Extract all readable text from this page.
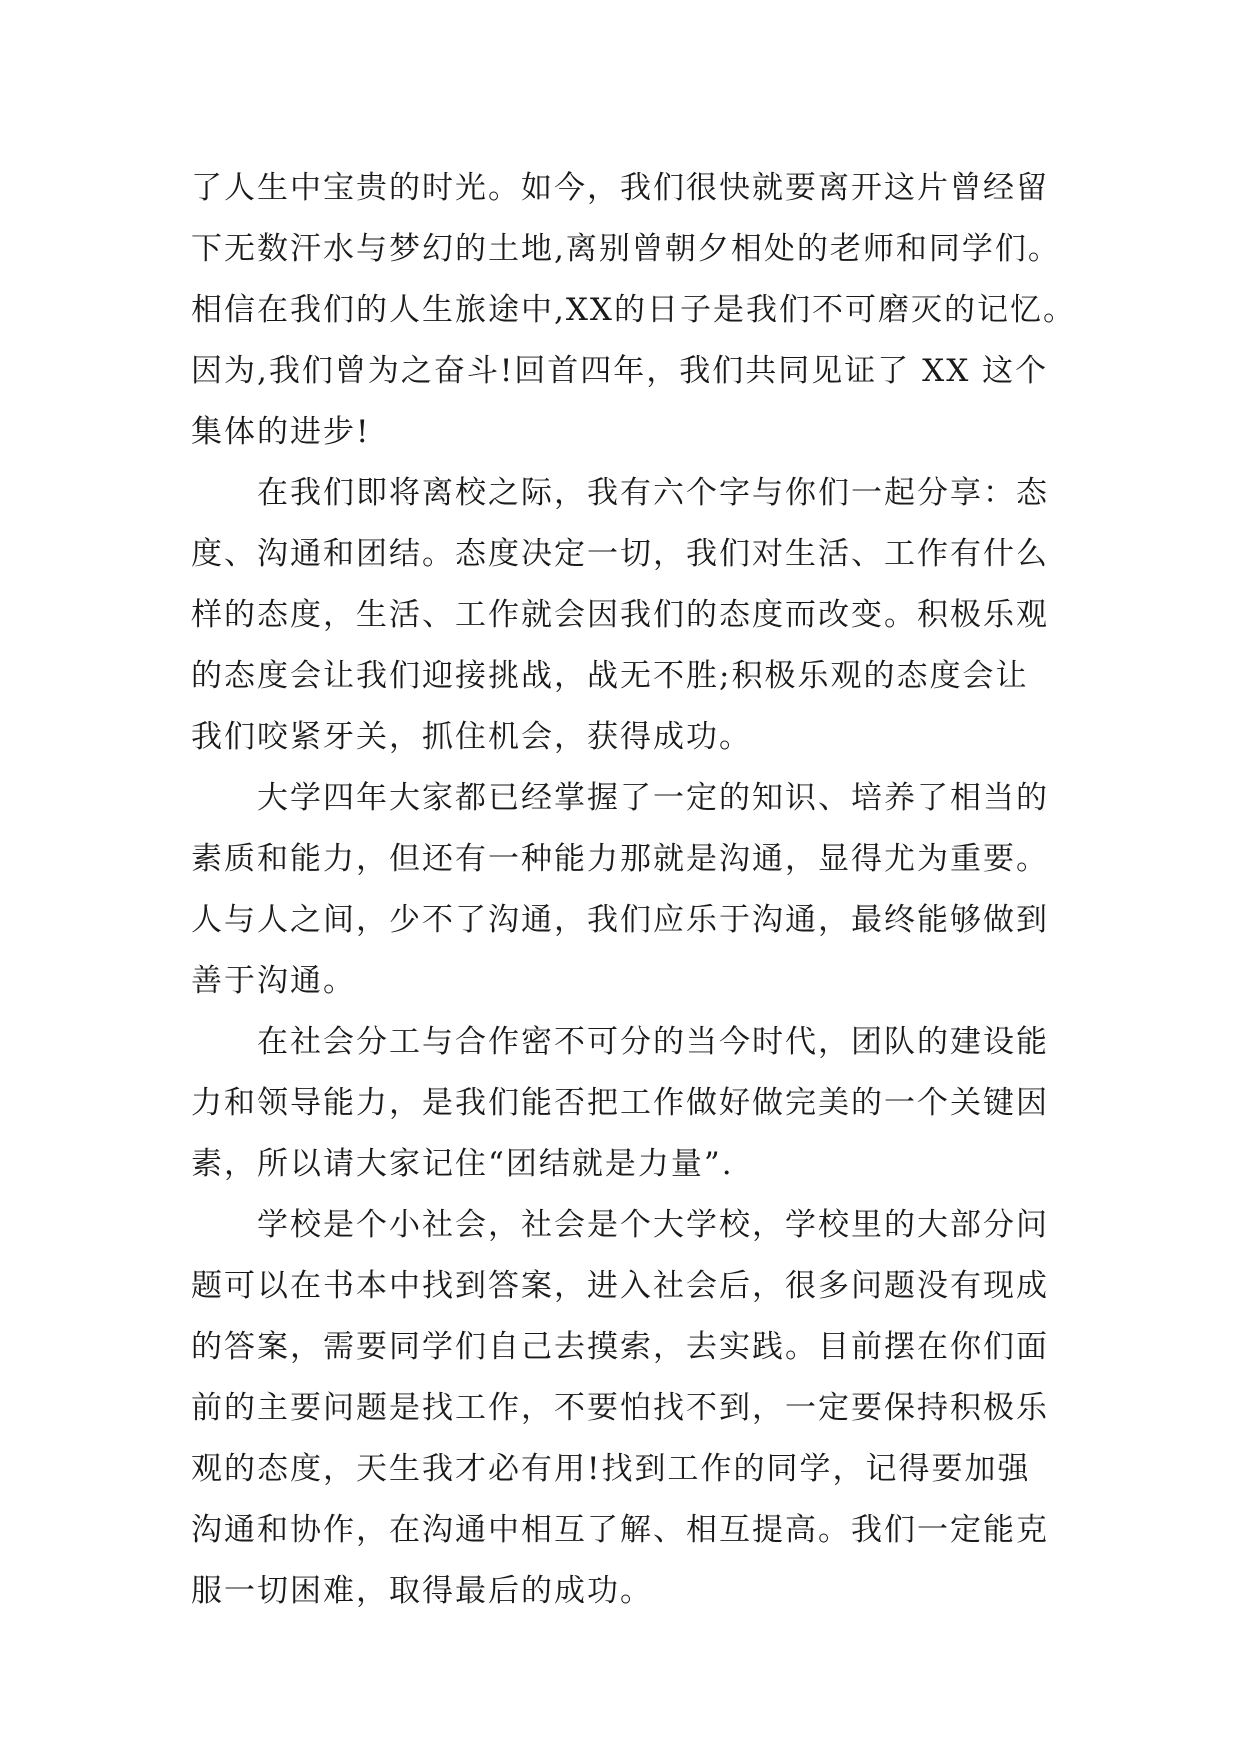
了人生中宝贵的时光。如今，我们很快就要离开这片曾经留
下无数汗水与梦幻的土地,离别曾朝夕相处的老师和同学们。
相信在我们的人生旅途中,XX的日子是我们不可磨灭的记忆。
因为,我们曾为之奋斗!回首四年，我们共同见证了 XX 这个
集体的进步!
在我们即将离校之际，我有六个字与你们一起分享：态
度、沟通和团结。态度决定一切，我们对生活、工作有什么
样的态度，生活、工作就会因我们的态度而改变。积极乐观
的态度会让我们迎接挑战，战无不胜;积极乐观的态度会让
我们咬紧牙关，抓住机会，获得成功。
大学四年大家都已经掌握了一定的知识、培养了相当的
素质和能力，但还有一种能力那就是沟通，显得尤为重要。
人与人之间，少不了沟通，我们应乐于沟通，最终能够做到
善于沟通。
在社会分工与合作密不可分的当今时代，团队的建设能
力和领导能力，是我们能否把工作做好做完美的一个关键因
素，所以请大家记住“团结就是力量”.
学校是个小社会，社会是个大学校，学校里的大部分问
题可以在书本中找到答案，进入社会后，很多问题没有现成
的答案，需要同学们自己去摸索，去实践。目前摆在你们面
前的主要问题是找工作，不要怕找不到，一定要保持积极乐
观的态度，天生我才必有用!找到工作的同学，记得要加强
沟通和协作，在沟通中相互了解、相互提高。我们一定能克
服一切困难，取得最后的成功。
